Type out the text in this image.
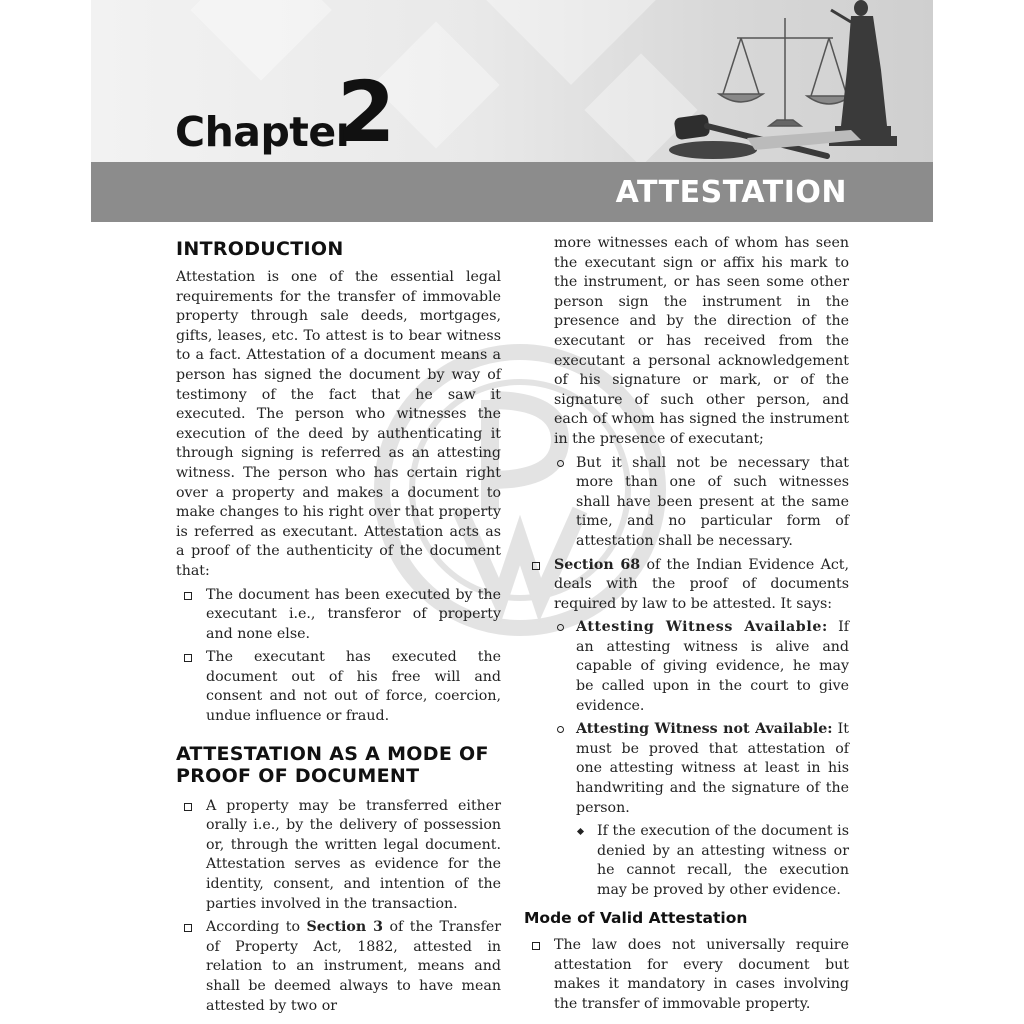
Chapter
2
ATTESTATION
INTRODUCTION

Attestation is one of the essential legal requirements for the transfer of immovable property through sale deeds, mortgages, gifts, leases, etc. To attest is to bear witness to a fact. Attestation of a document means a person has signed the document by way of testimony of the fact that he saw it executed. The person who witnesses the execution of the deed by authenticating it through signing is referred as an attesting witness. The person who has certain right over a property and makes a document to make changes to his right over that property is referred as executant. Attestation acts as a proof of the authenticity of the document that:

The document has been executed by the executant i.e., transferor of property and none else.
The executant has executed the document out of his free will and consent and not out of force, coercion, undue influence or fraud.
ATTESTATION AS A MODE OF PROOF OF DOCUMENT
A property may be transferred either orally i.e., by the delivery of possession or, through the written legal document. Attestation serves as evidence for the identity, consent, and intention of the parties involved in the transaction.
According to Section 3 of the Transfer of Property Act, 1882, attested in relation to an instrument, means and shall be deemed always to have mean attested by two or

more witnesses each of whom has seen the executant sign or affix his mark to the instrument, or has seen some other person sign the instrument in the presence and by the direction of the executant or has received from the executant a personal acknowledgement of his signature or mark, or of the signature of such other person, and each of whom has signed the instrument in the presence of executant;

But it shall not be necessary that more than one of such witnesses shall have been present at the same time, and no particular form of attestation shall be necessary.
Section 68 of the Indian Evidence Act, deals with the proof of documents required by law to be attested. It says:
Attesting Witness Available: If an attesting witness is alive and capable of giving evidence, he may be called upon in the court to give evidence.
Attesting Witness not Available: It must be proved that attestation of one attesting witness at least in his handwriting and the signature of the person.
If the execution of the document is denied by an attesting witness or he cannot recall, the execution may be proved by other evidence.
Mode of Valid Attestation
The law does not universally require attestation for every document but makes it mandatory in cases involving the transfer of immovable property.
